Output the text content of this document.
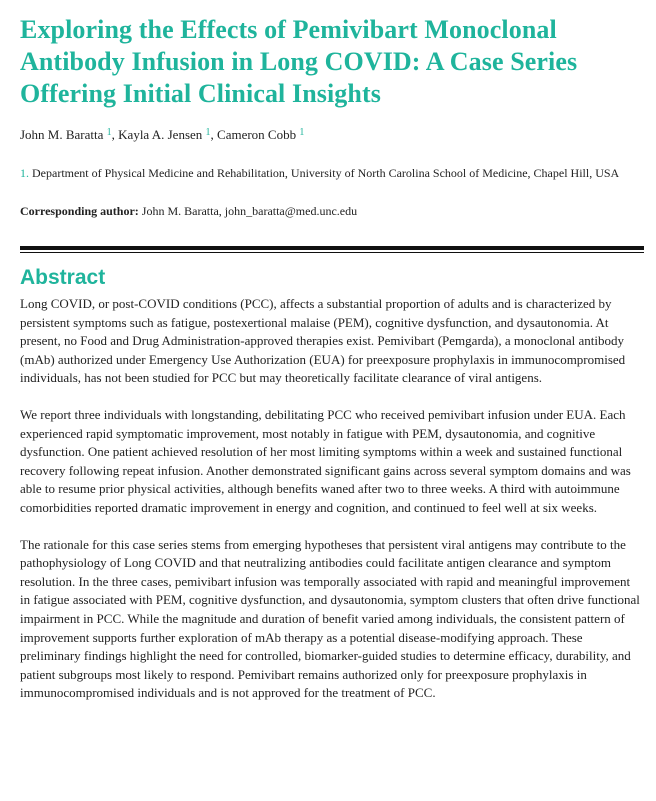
Exploring the Effects of Pemivibart Monoclonal Antibody Infusion in Long COVID: A Case Series Offering Initial Clinical Insights
John M. Baratta $^1$, Kayla A. Jensen $^1$, Cameron Cobb $^1$
1. Department of Physical Medicine and Rehabilitation, University of North Carolina School of Medicine, Chapel Hill, USA
Corresponding author: John M. Baratta, john_baratta@med.unc.edu
Abstract

Long COVID, or post-COVID conditions (PCC), affects a substantial proportion of adults and is characterized by persistent symptoms such as fatigue, postexertional malaise (PEM), cognitive dysfunction, and dysautonomia. At present, no Food and Drug Administration-approved therapies exist. Pemivibart (Pemgarda), a monoclonal antibody (mAb) authorized under Emergency Use Authorization (EUA) for preexposure prophylaxis in immunocompromised individuals, has not been studied for PCC but may theoretically facilitate clearance of viral antigens.

We report three individuals with longstanding, debilitating PCC who received pemivibart infusion under EUA. Each experienced rapid symptomatic improvement, most notably in fatigue with PEM, dysautonomia, and cognitive dysfunction. One patient achieved resolution of her most limiting symptoms within a week and sustained functional recovery following repeat infusion. Another demonstrated significant gains across several symptom domains and was able to resume prior physical activities, although benefits waned after two to three weeks. A third with autoimmune comorbidities reported dramatic improvement in energy and cognition, and continued to feel well at six weeks.

The rationale for this case series stems from emerging hypotheses that persistent viral antigens may contribute to the pathophysiology of Long COVID and that neutralizing antibodies could facilitate antigen clearance and symptom resolution. In the three cases, pemivibart infusion was temporally associated with rapid and meaningful improvement in fatigue associated with PEM, cognitive dysfunction, and dysautonomia, symptom clusters that often drive functional impairment in PCC. While the magnitude and duration of benefit varied among individuals, the consistent pattern of improvement supports further exploration of mAb therapy as a potential disease-modifying approach. These preliminary findings highlight the need for controlled, biomarker-guided studies to determine efficacy, durability, and patient subgroups most likely to respond. Pemivibart remains authorized only for preexposure prophylaxis in immunocompromised individuals and is not approved for the treatment of PCC.
